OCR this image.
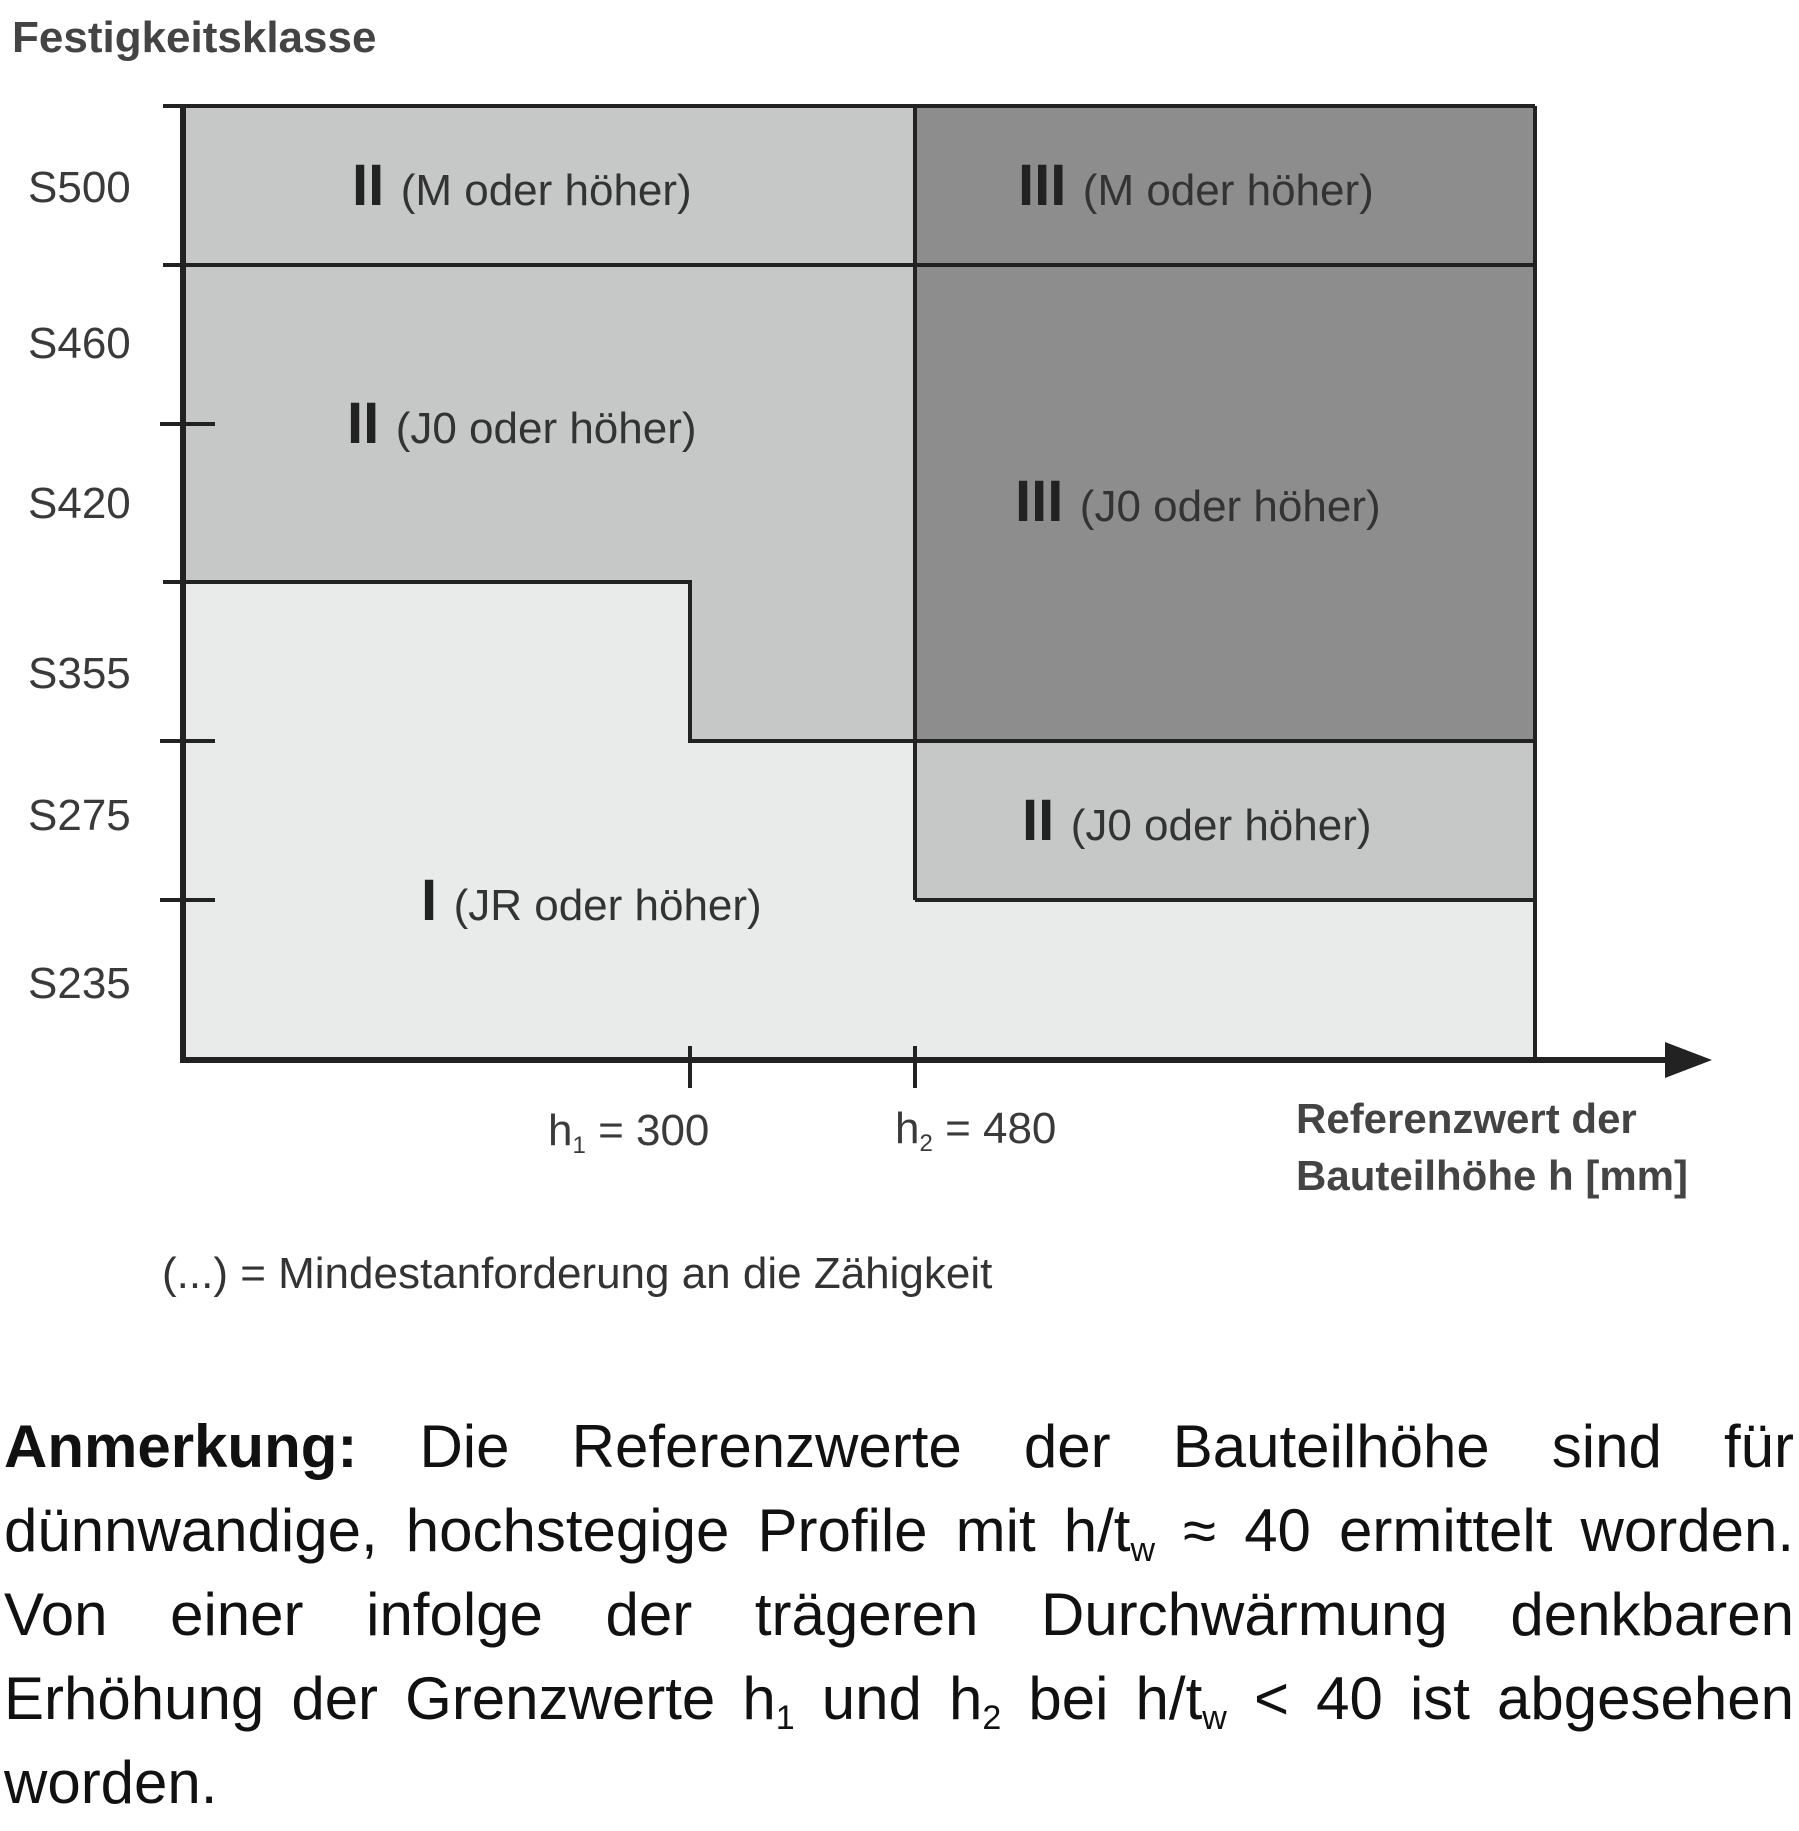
Festigkeitsklasse
S500
S460
S420
S355
S275
S235
II (M oder höher)	III (M oder höher)
II (J0 oder höher)
III (J0 oder höher)
II (J0 oder höher)
I (JR oder höher)
h1 = 300	h2 = 480	Referenzwert der
Bauteilhöhe h [mm]
(...) = Mindestanforderung an die Zähigkeit

Anmerkung: Die Referenzwerte der Bauteilhöhe sind für dünnwandige, hochstegige Profile mit $h/t_w \approx 40$ ermittelt worden. Von einer infolge der trägeren Durchwärmung denkbaren Erhöhung der Grenzwerte $h_1$ und $h_2$ bei $h/t_w < 40$ ist abgesehen worden.
